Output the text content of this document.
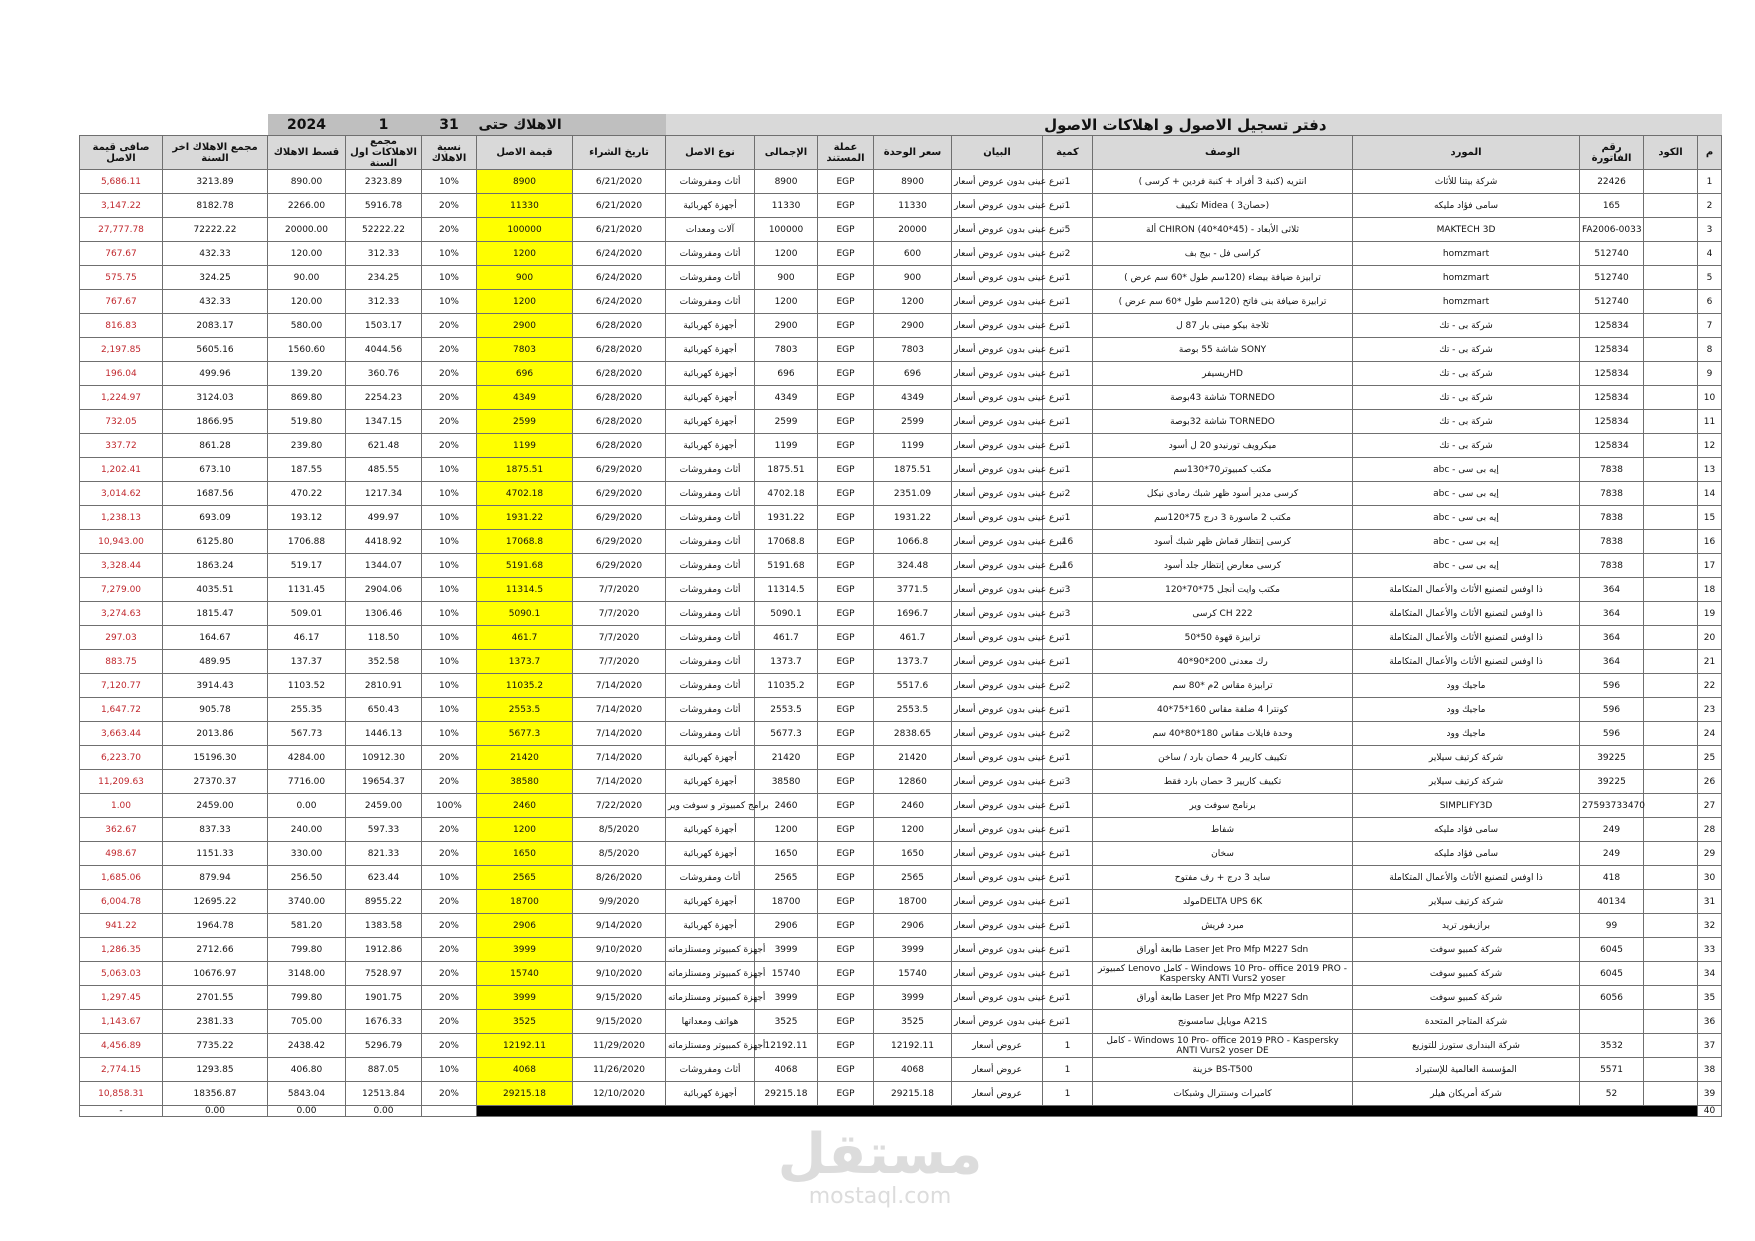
		2024	1	31	الاهلاك حتى		دفتر تسجيل الاصول و اهلاكات الاصول										
صافى قيمة الاصل	مجمع الاهلاك اخر السنة	قسط الاهلاك	مجمع الاهلاكات اول السنة	نسبة الاهلاك	قيمة الاصل	تاريخ الشراء	نوع الاصل	الإجمالى	عملة المستند	سعر الوحدة	البيان	كمية	الوصف	المورد	رقم الفاتورة	الكود	م
5,686.11	3213.89	890.00	2323.89	10%	8900	6/21/2020	أثاث ومفروشات	8900	EGP	8900	تبرع عينى بدون عروض أسعار	1	انتريه (كنبة 3 أفراد + كنبة فردين + كرسى )	شركة بيتنا للأثاث	22426		1
3,147.22	8182.78	2266.00	5916.78	20%	11330	6/21/2020	أجهزة كهربائية	11330	EGP	11330	تبرع عينى بدون عروض أسعار	1	تكييف Midea ( 3حصان)	سامى فؤاد مليكه	165		2
27,777.78	72222.22	20000.00	52222.22	20%	100000	6/21/2020	آلات ومعدات	100000	EGP	20000	تبرع عينى بدون عروض أسعار	5	ألة CHIRON (40*40*45) - ثلاثى الأبعاد	MAKTECH 3D	FA2006-0033		3
767.67	432.33	120.00	312.33	10%	1200	6/24/2020	أثاث ومفروشات	1200	EGP	600	تبرع عينى بدون عروض أسعار	2	كراسى فل - بيج بف	homzmart	512740		4
575.75	324.25	90.00	234.25	10%	900	6/24/2020	أثاث ومفروشات	900	EGP	900	تبرع عينى بدون عروض أسعار	1	ترابيزة ضيافة بيضاء (120سم طول *60 سم عرض )	homzmart	512740		5
767.67	432.33	120.00	312.33	10%	1200	6/24/2020	أثاث ومفروشات	1200	EGP	1200	تبرع عينى بدون عروض أسعار	1	ترابيزة ضيافة بنى فاتح (120سم طول *60 سم عرض )	homzmart	512740		6
816.83	2083.17	580.00	1503.17	20%	2900	6/28/2020	أجهزة كهربائية	2900	EGP	2900	تبرع عينى بدون عروض أسعار	1	ثلاجة بيكو مينى بار 87 ل	شركة بى - تك	125834		7
2,197.85	5605.16	1560.60	4044.56	20%	7803	6/28/2020	أجهزة كهربائية	7803	EGP	7803	تبرع عينى بدون عروض أسعار	1	شاشة 55 بوصة SONY	شركة بى - تك	125834		8
196.04	499.96	139.20	360.76	20%	696	6/28/2020	أجهزة كهربائية	696	EGP	696	تبرع عينى بدون عروض أسعار	1	ريسيفرHD	شركة بى - تك	125834		9
1,224.97	3124.03	869.80	2254.23	20%	4349	6/28/2020	أجهزة كهربائية	4349	EGP	4349	تبرع عينى بدون عروض أسعار	1	شاشة 43بوصة TORNEDO	شركة بى - تك	125834		10
732.05	1866.95	519.80	1347.15	20%	2599	6/28/2020	أجهزة كهربائية	2599	EGP	2599	تبرع عينى بدون عروض أسعار	1	شاشة 32بوصة TORNEDO	شركة بى - تك	125834		11
337.72	861.28	239.80	621.48	20%	1199	6/28/2020	أجهزة كهربائية	1199	EGP	1199	تبرع عينى بدون عروض أسعار	1	ميكرويف تورنيدو 20 ل أسود	شركة بى - تك	125834		12
1,202.41	673.10	187.55	485.55	10%	1875.51	6/29/2020	أثاث ومفروشات	1875.51	EGP	1875.51	تبرع عينى بدون عروض أسعار	1	مكتب كمبيوتر70*130سم	abc - إيه بى سى	7838		13
3,014.62	1687.56	470.22	1217.34	10%	4702.18	6/29/2020	أثاث ومفروشات	4702.18	EGP	2351.09	تبرع عينى بدون عروض أسعار	2	كرسى مدير أسود ظهر شبك رمادى نيكل	abc - إيه بى سى	7838		14
1,238.13	693.09	193.12	499.97	10%	1931.22	6/29/2020	أثاث ومفروشات	1931.22	EGP	1931.22	تبرع عينى بدون عروض أسعار	1	مكتب 2 ماسورة 3 درج 75*120سم	abc - إيه بى سى	7838		15
10,943.00	6125.80	1706.88	4418.92	10%	17068.8	6/29/2020	أثاث ومفروشات	17068.8	EGP	1066.8	تبرع عينى بدون عروض أسعار	16	كرسى إنتظار قماش ظهر شبك أسود	abc - إيه بى سى	7838		16
3,328.44	1863.24	519.17	1344.07	10%	5191.68	6/29/2020	أثاث ومفروشات	5191.68	EGP	324.48	تبرع عينى بدون عروض أسعار	16	كرسى معارض إنتظار جلد أسود	abc - إيه بى سى	7838		17
7,279.00	4035.51	1131.45	2904.06	10%	11314.5	7/7/2020	أثاث ومفروشات	11314.5	EGP	3771.5	تبرع عينى بدون عروض أسعار	3	مكتب وايت أنجل 75*70*120	ذا اوفس لتصنيع الأثاث والأعمال المتكاملة	364		18
3,274.63	1815.47	509.01	1306.46	10%	5090.1	7/7/2020	أثاث ومفروشات	5090.1	EGP	1696.7	تبرع عينى بدون عروض أسعار	3	كرسى CH 222	ذا اوفس لتصنيع الأثاث والأعمال المتكاملة	364		19
297.03	164.67	46.17	118.50	10%	461.7	7/7/2020	أثاث ومفروشات	461.7	EGP	461.7	تبرع عينى بدون عروض أسعار	1	ترابيزة قهوة 50*50	ذا اوفس لتصنيع الأثاث والأعمال المتكاملة	364		20
883.75	489.95	137.37	352.58	10%	1373.7	7/7/2020	أثاث ومفروشات	1373.7	EGP	1373.7	تبرع عينى بدون عروض أسعار	1	رك معدنى 200*90*40	ذا اوفس لتصنيع الأثاث والأعمال المتكاملة	364		21
7,120.77	3914.43	1103.52	2810.91	10%	11035.2	7/14/2020	أثاث ومفروشات	11035.2	EGP	5517.6	تبرع عينى بدون عروض أسعار	2	ترابيزة مقاس 2م *80 سم	ماجيك وود	596		22
1,647.72	905.78	255.35	650.43	10%	2553.5	7/14/2020	أثاث ومفروشات	2553.5	EGP	2553.5	تبرع عينى بدون عروض أسعار	1	كونترا 4 ضلفة مقاس 160*75*40	ماجيك وود	596		23
3,663.44	2013.86	567.73	1446.13	10%	5677.3	7/14/2020	أثاث ومفروشات	5677.3	EGP	2838.65	تبرع عينى بدون عروض أسعار	2	وحدة فايلات مقاس 180*80*40 سم	ماجيك وود	596		24
6,223.70	15196.30	4284.00	10912.30	20%	21420	7/14/2020	أجهزة كهربائية	21420	EGP	21420	تبرع عينى بدون عروض أسعار	1	تكييف كاريير 4 حصان بارد / ساخن	شركة كرتيف سيلاير	39225		25
11,209.63	27370.37	7716.00	19654.37	20%	38580	7/14/2020	أجهزة كهربائية	38580	EGP	12860	تبرع عينى بدون عروض أسعار	3	تكييف كاريير 3 حصان بارد فقط	شركة كرتيف سيلاير	39225		26
1.00	2459.00	0.00	2459.00	100%	2460	7/22/2020	برامج كمبيوتر و سوفت وير	2460	EGP	2460	تبرع عينى بدون عروض أسعار	1	برنامج سوفت وير	SIMPLIFY3D	27593733470		27
362.67	837.33	240.00	597.33	20%	1200	8/5/2020	أجهزة كهربائية	1200	EGP	1200	تبرع عينى بدون عروض أسعار	1	شفاط	سامى فؤاد مليكه	249		28
498.67	1151.33	330.00	821.33	20%	1650	8/5/2020	أجهزة كهربائية	1650	EGP	1650	تبرع عينى بدون عروض أسعار	1	سخان	سامى فؤاد مليكه	249		29
1,685.06	879.94	256.50	623.44	10%	2565	8/26/2020	أثاث ومفروشات	2565	EGP	2565	تبرع عينى بدون عروض أسعار	1	سايد 3 درج + رف مفتوح	ذا اوفس لتصنيع الأثاث والأعمال المتكاملة	418		30
6,004.78	12695.22	3740.00	8955.22	20%	18700	9/9/2020	أجهزة كهربائية	18700	EGP	18700	تبرع عينى بدون عروض أسعار	1	مولدDELTA UPS 6K	شركة كرتيف سيلاير	40134		31
941.22	1964.78	581.20	1383.58	20%	2906	9/14/2020	أجهزة كهربائية	2906	EGP	2906	تبرع عينى بدون عروض أسعار	1	مبرد فريش	برازيفور تريد	99		32
1,286.35	2712.66	799.80	1912.86	20%	3999	9/10/2020	أجهزة كمبيوتر ومستلزماته	3999	EGP	3999	تبرع عينى بدون عروض أسعار	1	طابعة أوراق Laser Jet Pro Mfp M227 Sdn	شركة كمبيو سوفت	6045		33
5,063.03	10676.97	3148.00	7528.97	20%	15740	9/10/2020	أجهزة كمبيوتر ومستلزماته	15740	EGP	15740	تبرع عينى بدون عروض أسعار	1	كمبيوتر Lenovo كامل - Windows 10 Pro- office 2019 PRO - Kaspersky ANTI Vurs2 yoser	شركة كمبيو سوفت	6045		34
1,297.45	2701.55	799.80	1901.75	20%	3999	9/15/2020	أجهزة كمبيوتر ومستلزماته	3999	EGP	3999	تبرع عينى بدون عروض أسعار	1	طابعة أوراق Laser Jet Pro Mfp M227 Sdn	شركة كمبيو سوفت	6056		35
1,143.67	2381.33	705.00	1676.33	20%	3525	9/15/2020	هواتف ومعداتها	3525	EGP	3525	تبرع عينى بدون عروض أسعار	1	موبايل سامسونج A21S	شركة المتاجر المتحدة			36
4,456.89	7735.22	2438.42	5296.79	20%	12192.11	11/29/2020	أجهزة كمبيوتر ومستلزماته	12192.11	EGP	12192.11	عروض أسعار	1	كامل - Windows 10 Pro- office 2019 PRO - Kaspersky ANTI Vurs2 yoser DE	شركة البندارى ستورز للتوزيع	3532		37
2,774.15	1293.85	406.80	887.05	10%	4068	11/26/2020	أثاث ومفروشات	4068	EGP	4068	عروض أسعار	1	خزينة BS-T500	المؤسسة العالمية للإستيراد	5571		38
10,858.31	18356.87	5843.04	12513.84	20%	29215.18	12/10/2020	أجهزة كهربائية	29215.18	EGP	29215.18	عروض أسعار	1	كاميرات وسنترال وشبكات	شركة أمريكان هيلر	52		39
-	0.00	0.00	0.00														40
مستقل
mostaql.com
